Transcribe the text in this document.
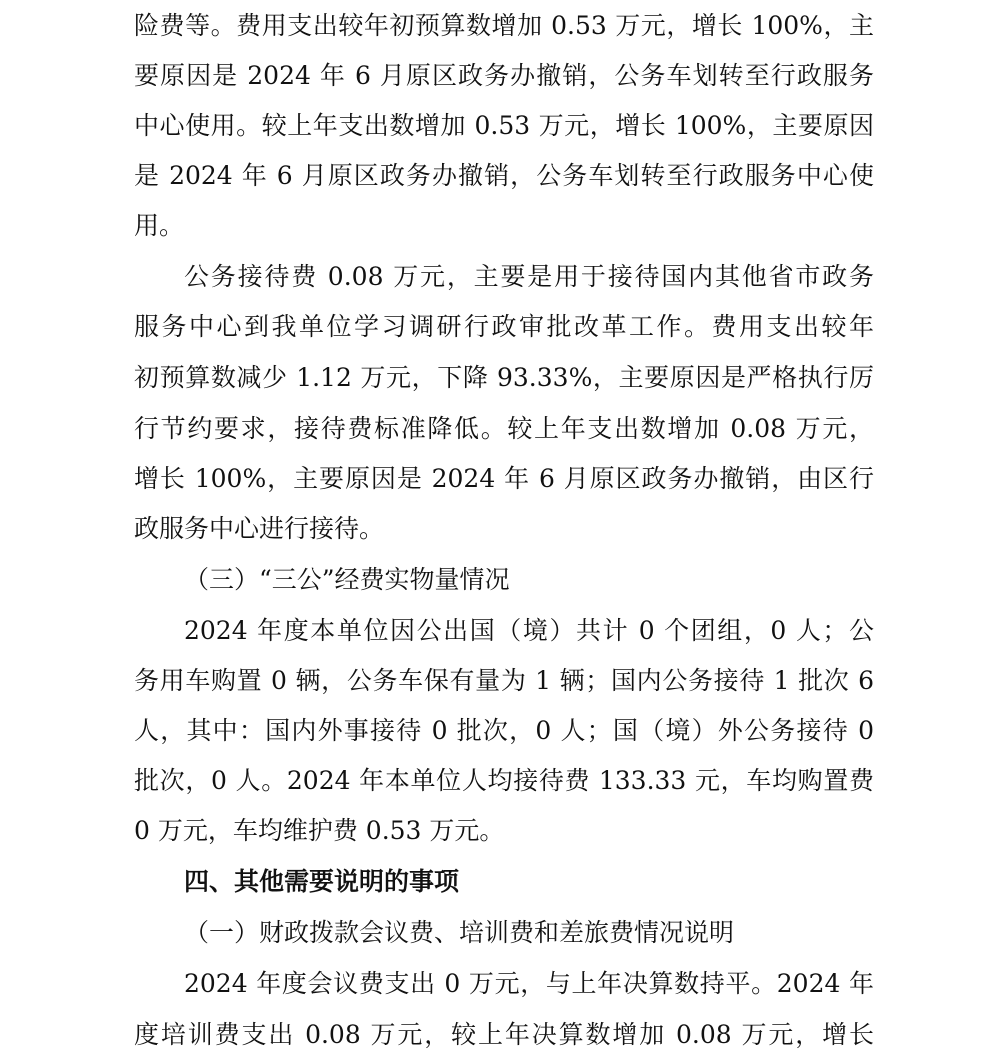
险费等。费用支出较年初预算数增加 0.53 万元，增长 100%，主
要原因是 2024 年 6 月原区政务办撤销，公务车划转至行政服务
中心使用。较上年支出数增加 0.53 万元，增长 100%，主要原因
是 2024 年 6 月原区政务办撤销，公务车划转至行政服务中心使
用。
公务接待费 0.08 万元，主要是用于接待国内其他省市政务
服务中心到我单位学习调研行政审批改革工作。费用支出较年
初预算数减少 1.12 万元，下降 93.33%，主要原因是严格执行厉
行节约要求，接待费标准降低。较上年支出数增加 0.08 万元，
增长 100%，主要原因是 2024 年 6 月原区政务办撤销，由区行
政服务中心进行接待。
（三）“三公”经费实物量情况
2024 年度本单位因公出国（境）共计 0 个团组，0 人；公
务用车购置 0 辆，公务车保有量为 1 辆；国内公务接待 1 批次 6
人，其中：国内外事接待 0 批次，0 人；国（境）外公务接待 0
批次，0 人。2024 年本单位人均接待费 133.33 元，车均购置费
0 万元，车均维护费 0.53 万元。
四、其他需要说明的事项
（一）财政拨款会议费、培训费和差旅费情况说明
2024 年度会议费支出 0 万元，与上年决算数持平。2024 年
度培训费支出 0.08 万元，较上年决算数增加 0.08 万元，增长
